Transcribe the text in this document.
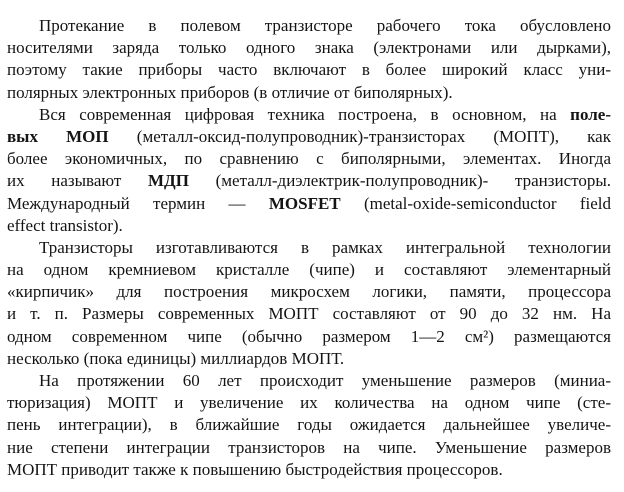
Протекание в полевом транзисторе рабочего тока обусловлено
носителями заряда только одного знака (электронами или дырками),
поэтому такие приборы часто включают в более широкий класс уни-
полярных электронных приборов (в отличие от биполярных).
Вся современная цифровая техника построена, в основном, на поле-
вых МОП (металл-оксид-полупроводник)-транзисторах (МОПТ), как
более экономичных, по сравнению с биполярными, элементах. Иногда
их называют МДП (металл-диэлектрик-полупроводник)- транзисторы.
Международный термин — MOSFET (metal-oxide-semiconductor field
effect transistor).
Транзисторы изготавливаются в рамках интегральной технологии
на одном кремниевом кристалле (чипе) и составляют элементарный
«кирпичик» для построения микросхем логики, памяти, процессора
и т. п. Размеры современных МОПТ составляют от 90 до 32 нм. На
одном современном чипе (обычно размером 1—2 см²) размещаются
несколько (пока единицы) миллиардов МОПТ.
На протяжении 60 лет происходит уменьшение размеров (миниа-
тюризация) МОПТ и увеличение их количества на одном чипе (сте-
пень интеграции), в ближайшие годы ожидается дальнейшее увеличе-
ние степени интеграции транзисторов на чипе. Уменьшение размеров
МОПТ приводит также к повышению быстродействия процессоров.
